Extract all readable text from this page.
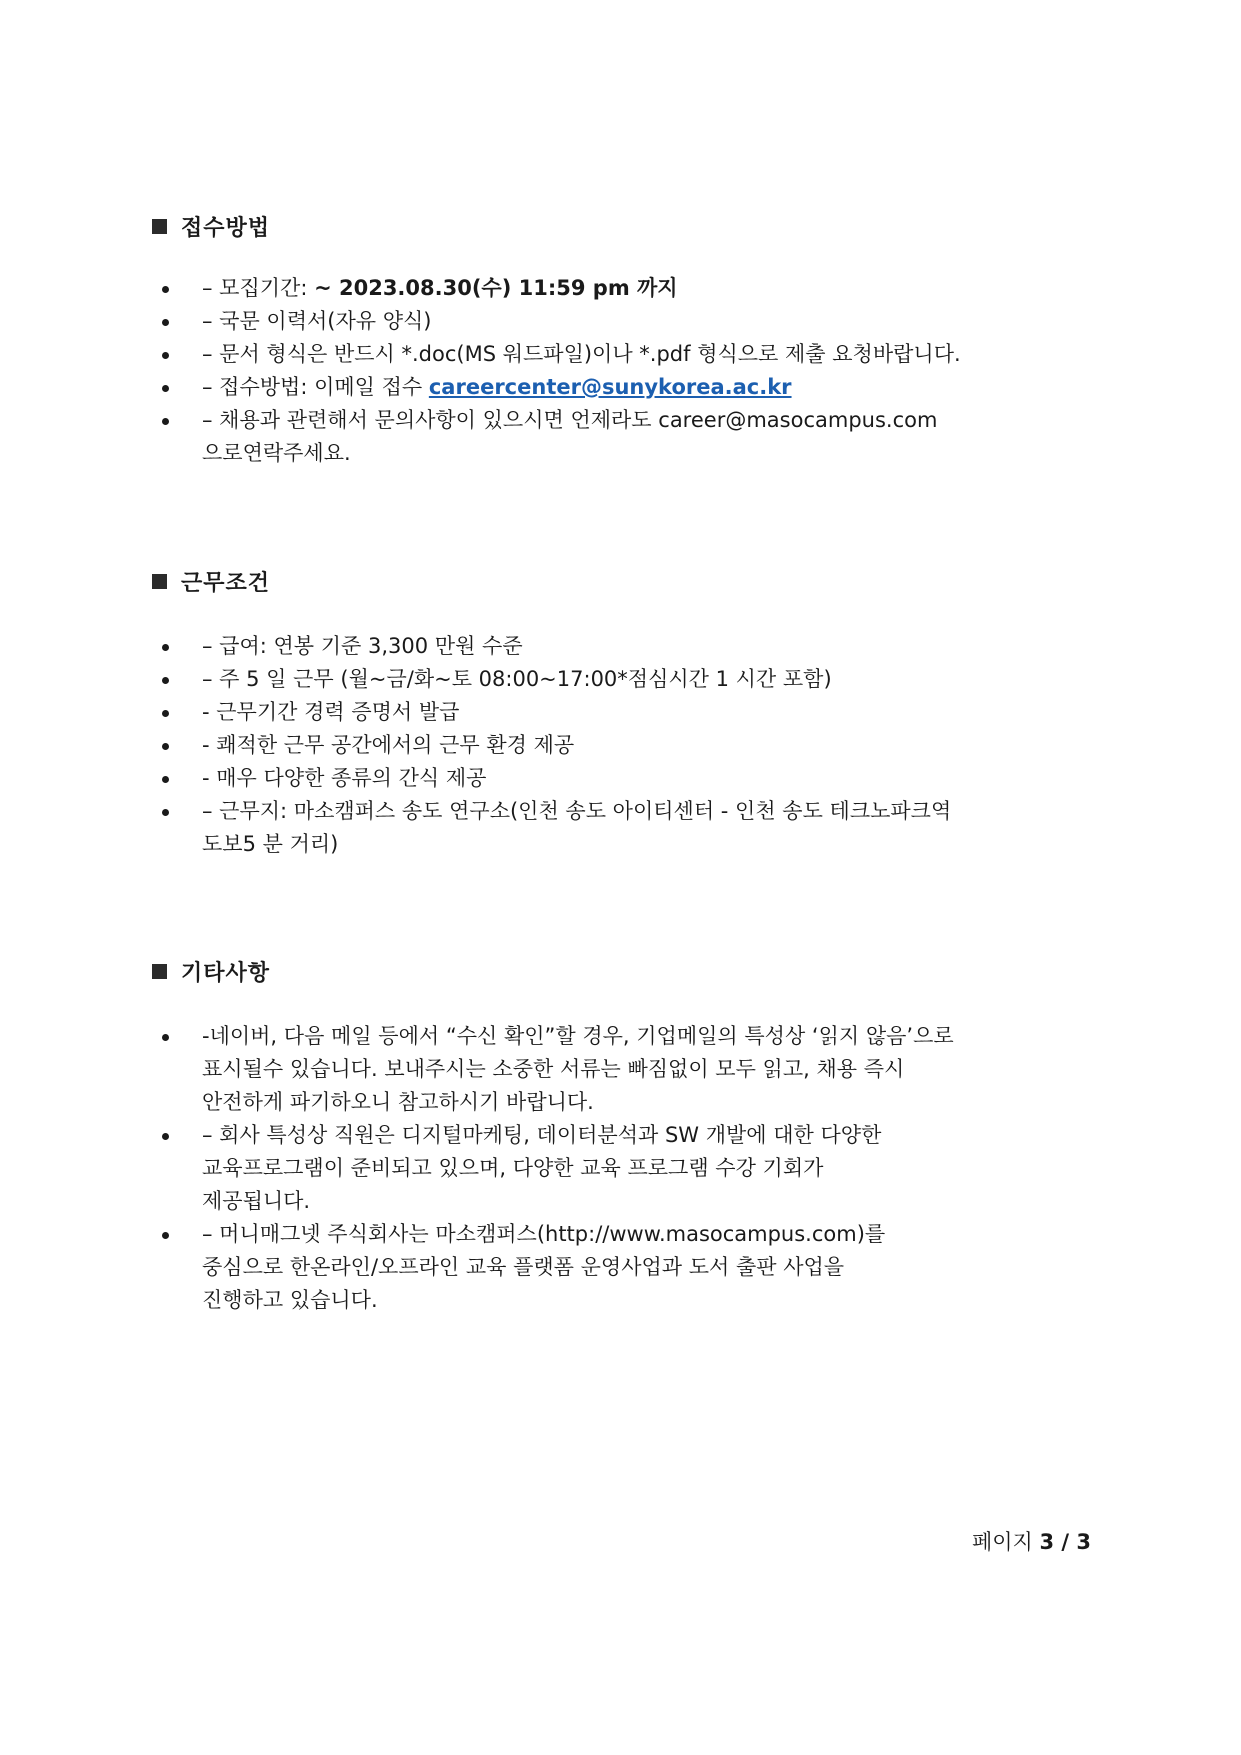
접수방법
– 모집기간: ~ 2023.08.30(수) 11:59 pm 까지
– 국문 이력서(자유 양식)
– 문서 형식은 반드시 *.doc(MS 워드파일)이나 *.pdf 형식으로 제출 요청바랍니다.
– 접수방법: 이메일 접수 careercenter@sunykorea.ac.kr
– 채용과 관련해서 문의사항이 있으시면 언제라도 career@masocampus.com
으로연락주세요.
근무조건
– 급여: 연봉 기준 3,300 만원 수준
– 주 5 일 근무 (월~금/화~토 08:00~17:00*점심시간 1 시간 포함)
- 근무기간 경력 증명서 발급
- 쾌적한 근무 공간에서의 근무 환경 제공
- 매우 다양한 종류의 간식 제공
– 근무지: 마소캠퍼스 송도 연구소(인천 송도 아이티센터 - 인천 송도 테크노파크역
도보5 분 거리)
기타사항
-네이버, 다음 메일 등에서 “수신 확인”할 경우, 기업메일의 특성상 ‘읽지 않음’으로
표시될수 있습니다. 보내주시는 소중한 서류는 빠짐없이 모두 읽고, 채용 즉시
안전하게 파기하오니 참고하시기 바랍니다.
– 회사 특성상 직원은 디지털마케팅, 데이터분석과 SW 개발에 대한 다양한
교육프로그램이 준비되고 있으며, 다양한 교육 프로그램 수강 기회가
제공됩니다.
– 머니매그넷 주식회사는 마소캠퍼스(http://www.masocampus.com)를
중심으로 한온라인/오프라인 교육 플랫폼 운영사업과 도서 출판 사업을
진행하고 있습니다.
페이지 3 / 3
